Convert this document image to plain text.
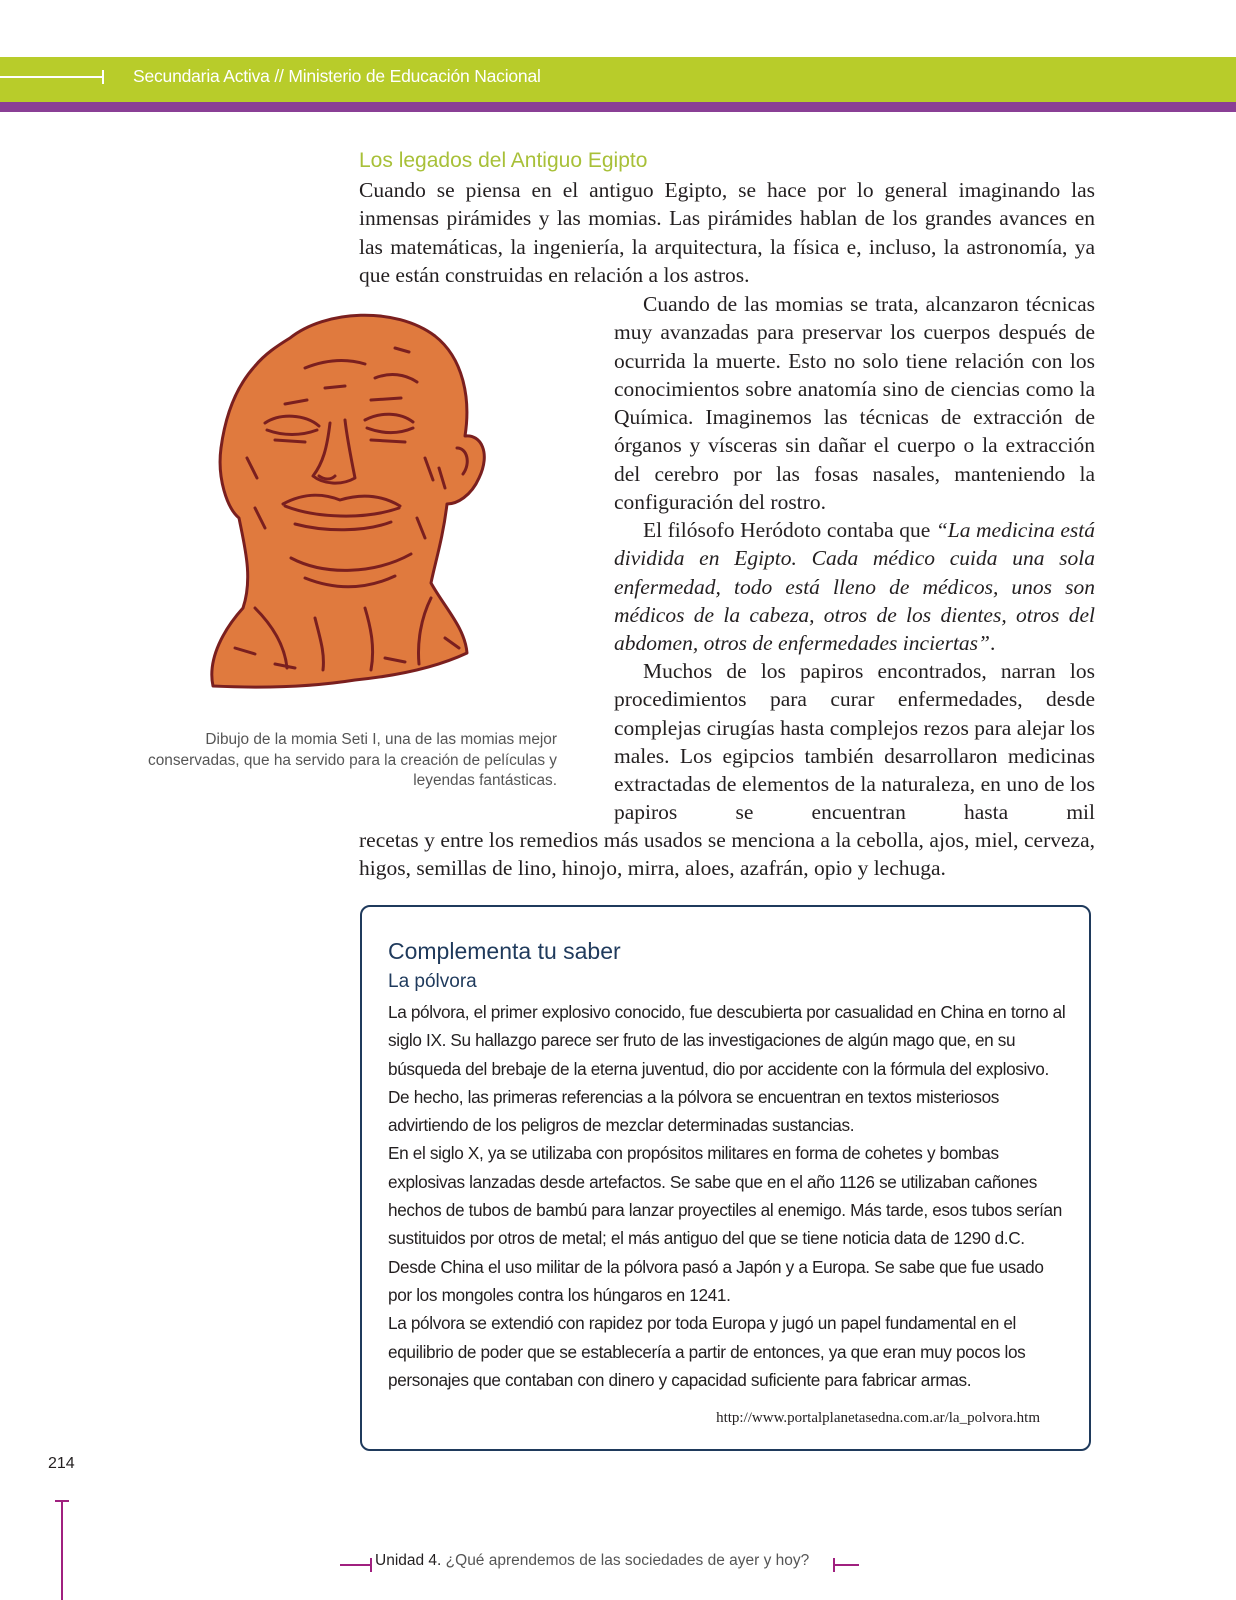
Secundaria Activa // Ministerio de Educación Nacional
Los legados del Antiguo Egipto

Cuando se piensa en el antiguo Egipto, se hace por lo general imaginando las inmensas pirámides y las momias. Las pirámides hablan de los grandes avances en las matemáticas, la ingeniería, la arquitectura, la física e, incluso, la astronomía, ya que están construidas en relación a los astros.

Cuando de las momias se trata, alcanzaron técnicas muy avanzadas para preservar los cuerpos después de ocurrida la muerte. Esto no solo tiene relación con los conocimientos sobre anatomía sino de ciencias como la Química. Imaginemos las técnicas de extracción de órganos y vísceras sin dañar el cuerpo o la extracción del cerebro por las fosas nasales, manteniendo la configuración del rostro.

El filósofo Heródoto contaba que “La medicina está dividida en Egipto. Cada médico cuida una sola enfermedad, todo está lleno de médicos, unos son médicos de la cabeza, otros de los dientes, otros del abdomen, otros de enfermedades inciertas”.

Muchos de los papiros encontrados, narran los procedimientos para curar enfermedades, desde complejas cirugías hasta complejos rezos para alejar los males. Los egipcios también desarrollaron medicinas extractadas de elementos de la naturaleza, en uno de los papiros se encuentran hasta mil

recetas y entre los remedios más usados se menciona a la cebolla, ajos, miel, cerveza, higos, semillas de lino, hinojo, mirra, aloes, azafrán, opio y lechuga.

Dibujo de la momia Seti I, una de las momias mejor conservadas, que ha servido para la creación de películas y leyendas fantásticas.
Complementa tu saber
La pólvora

La pólvora, el primer explosivo conocido, fue descubierta por casualidad en China en torno al siglo IX. Su hallazgo parece ser fruto de las investigaciones de algún mago que, en su búsqueda del brebaje de la eterna juventud, dio por accidente con la fórmula del explosivo. De hecho, las primeras referencias a la pólvora se encuentran en textos misteriosos advirtiendo de los peligros de mezclar determinadas sustancias.

En el siglo X, ya se utilizaba con propósitos militares en forma de cohetes y bombas explosivas lanzadas desde artefactos. Se sabe que en el año 1126 se utilizaban cañones hechos de tubos de bambú para lanzar proyectiles al enemigo. Más tarde, esos tubos serían sustituidos por otros de metal; el más antiguo del que se tiene noticia data de 1290 d.C. Desde China el uso militar de la pólvora pasó a Japón y a Europa. Se sabe que fue usado por los mongoles contra los húngaros en 1241.

La pólvora se extendió con rapidez por toda Europa y jugó un papel fundamental en el equilibrio de poder que se establecería a partir de entonces, ya que eran muy pocos los personajes que contaban con dinero y capacidad suficiente para fabricar armas.

http://www.portalplanetasedna.com.ar/la_polvora.htm
214
Unidad 4. ¿Qué aprendemos de las sociedades de ayer y hoy?
